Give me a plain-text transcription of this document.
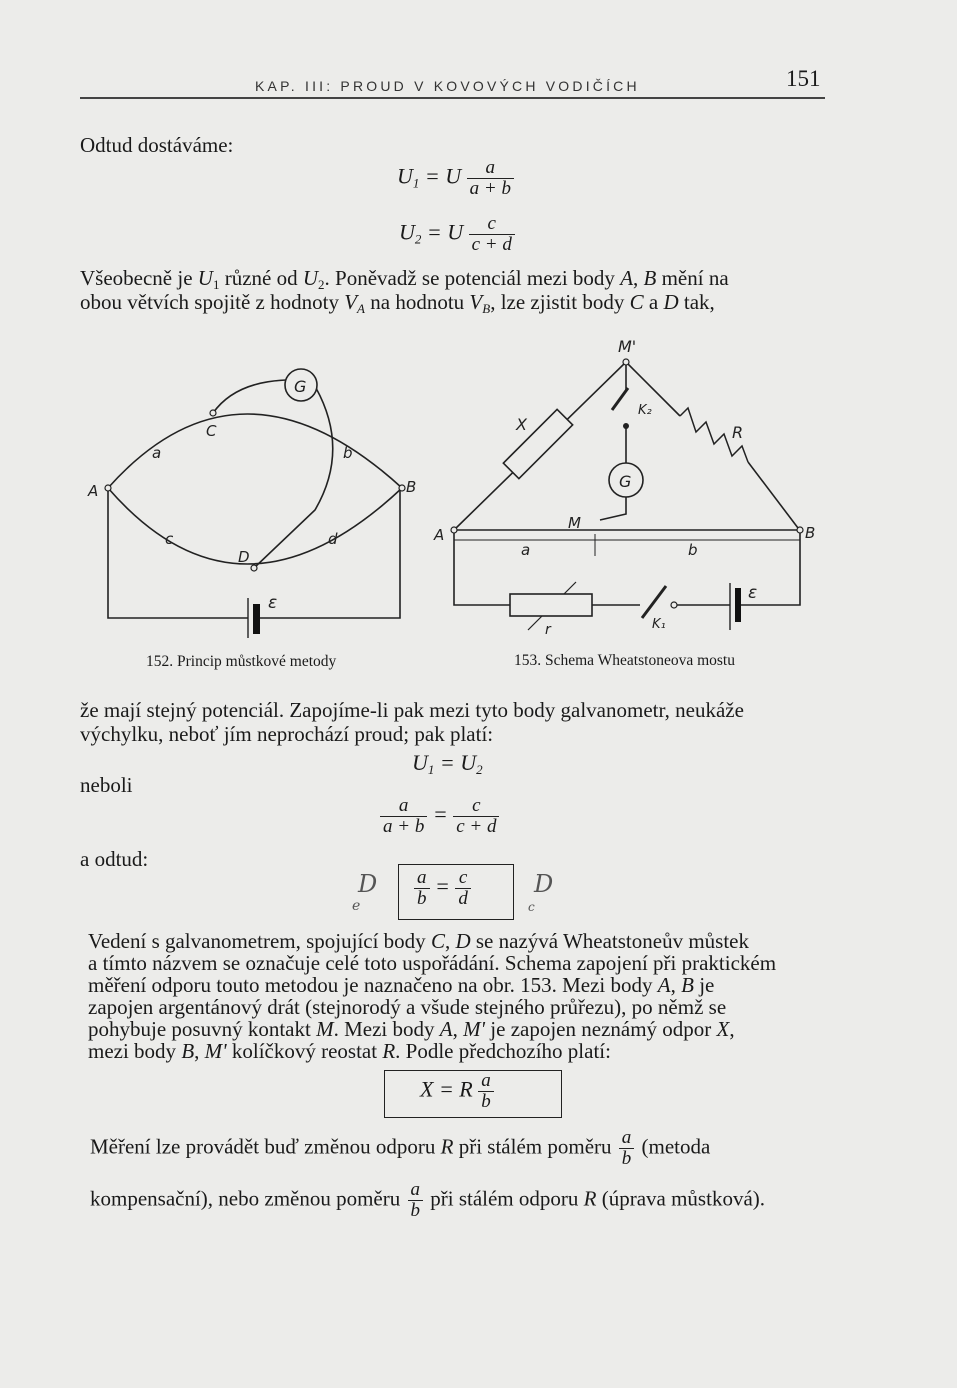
KAP. III: PROUD V KOVOVÝCH VODIČÍCH	151
Odtud dostáváme:
$U_1 = U \frac{a}{a + b}$
$U_2 = U \frac{c}{c + d}$
Všeobecně je $U_1$ různé od $U_2$. Poněvadž se potenciál mezi body A, B mění na
obou větvích spojitě z hodnoty $V_A$ na hodnotu $V_B$, lze zjistit body C a D tak,
G
A	B
C
D
a	b
c	d
ε
152. Princip můstkové metody
G
M'
K₂
X	R
M
A	B
a	b
r	K₁
ε
153. Schema Wheatstoneova mostu
že mají stejný potenciál. Zapojíme-li pak mezi tyto body galvanometr, neukáže
výchylku, neboť jím neprochází proud; pak platí:
$U_1 = U_2$
neboli
$\frac{a}{a + b} = \frac{c}{c + d}$
a odtud:
$\frac{a}{b} = \frac{c}{d}$
D
e
D
c
Vedení s galvanometrem, spojující body C, D se nazývá Wheatstoneův můstek
a tímto názvem se označuje celé toto uspořádání. Schema zapojení při praktickém
měření odporu touto metodou je naznačeno na obr. 153. Mezi body A, B je
zapojen argentánový drát (stejnorodý a všude stejného průřezu), po němž se
pohybuje posuvný kontakt M. Mezi body A, M' je zapojen neznámý odpor X,
mezi body B, M' kolíčkový reostat R. Podle předchozího platí:
X = R $\frac{a}{b}$
Měření lze provádět buď změnou odporu R při stálém poměru $\frac{a}{b}$ (metoda
kompensační), nebo změnou poměru $\frac{a}{b}$ při stálém odporu R (úprava můstková).
